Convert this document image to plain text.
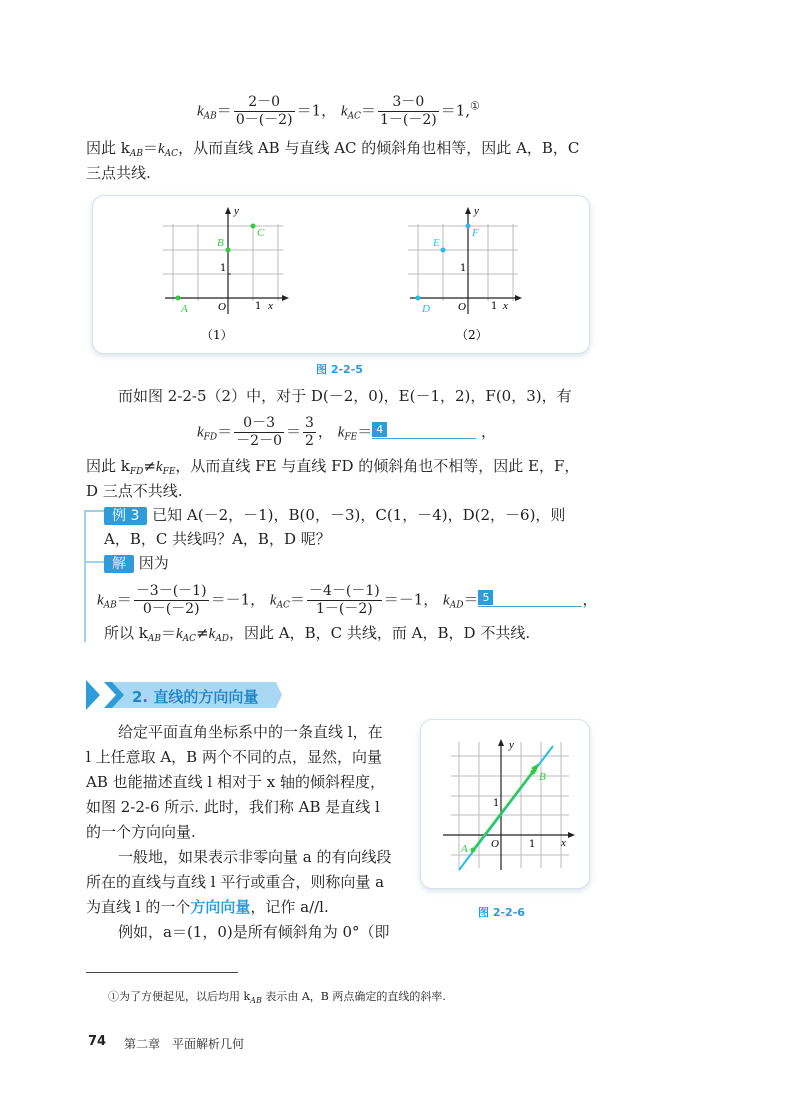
$k_{AB}= \frac{2-0}{0-(-2)} =1$， $k_{AC}= \frac{3-0}{1-(-2)} =1,^①$
因此 $k_{AB}=k_{AC}$，从而直线 AB 与直线 AC 的倾斜角也相等，因此 A，B，C
三点共线.
y
x
O	1
1
A
B
C
（1）
y
x
O	1
1
D
E
F
（2）
图 2-2-5
而如图 2-2-5（2）中，对于 D(－2，0)，E(－1，2)，F(0，3)，有
$k_{FD}= \frac{0-3}{-2-0} = \frac{3}{2}$ ， $k_{FE}= 4$	，
因此 $k_{FD}\ne k_{FE}$，从而直线 FE 与直线 FD 的倾斜角也不相等，因此 E，F，
D 三点不共线.
例 3 已知 A(－2，－1)，B(0，－3)，C(1，－4)，D(2，－6)，则
A，B，C 共线吗？A，B，D 呢？
解 因为
$k_{AB}= \frac{-3-(-1)}{0-(-2)} =-1$， $k_{AC}= \frac{-4-(-1)}{1-(-2)} =-1$， $k_{AD}= 5$	，
所以 $k_{AB}=k_{AC}\ne k_{AD}$，因此 A，B，C 共线，而 A，B，D 不共线.
2. 直线的方向向量
给定平面直角坐标系中的一条直线 l，在
l 上任意取 A，B 两个不同的点，显然，向量
AB 也能描述直线 l 相对于 x 轴的倾斜程度，
如图 2-2-6 所示. 此时，我们称 AB 是直线 l
的一个方向向量.
一般地，如果表示非零向量 a 的有向线段
所在的直线与直线 l 平行或重合，则称向量 a
为直线 l 的一个方向向量，记作 a//l.
例如，a＝(1，0)是所有倾斜角为 0°（即
y
x
O	1
1
A
B
图 2-2-6
①为了方便起见，以后均用 $k_{AB}$ 表示由 A，B 两点确定的直线的斜率.
74 第二章　平面解析几何
